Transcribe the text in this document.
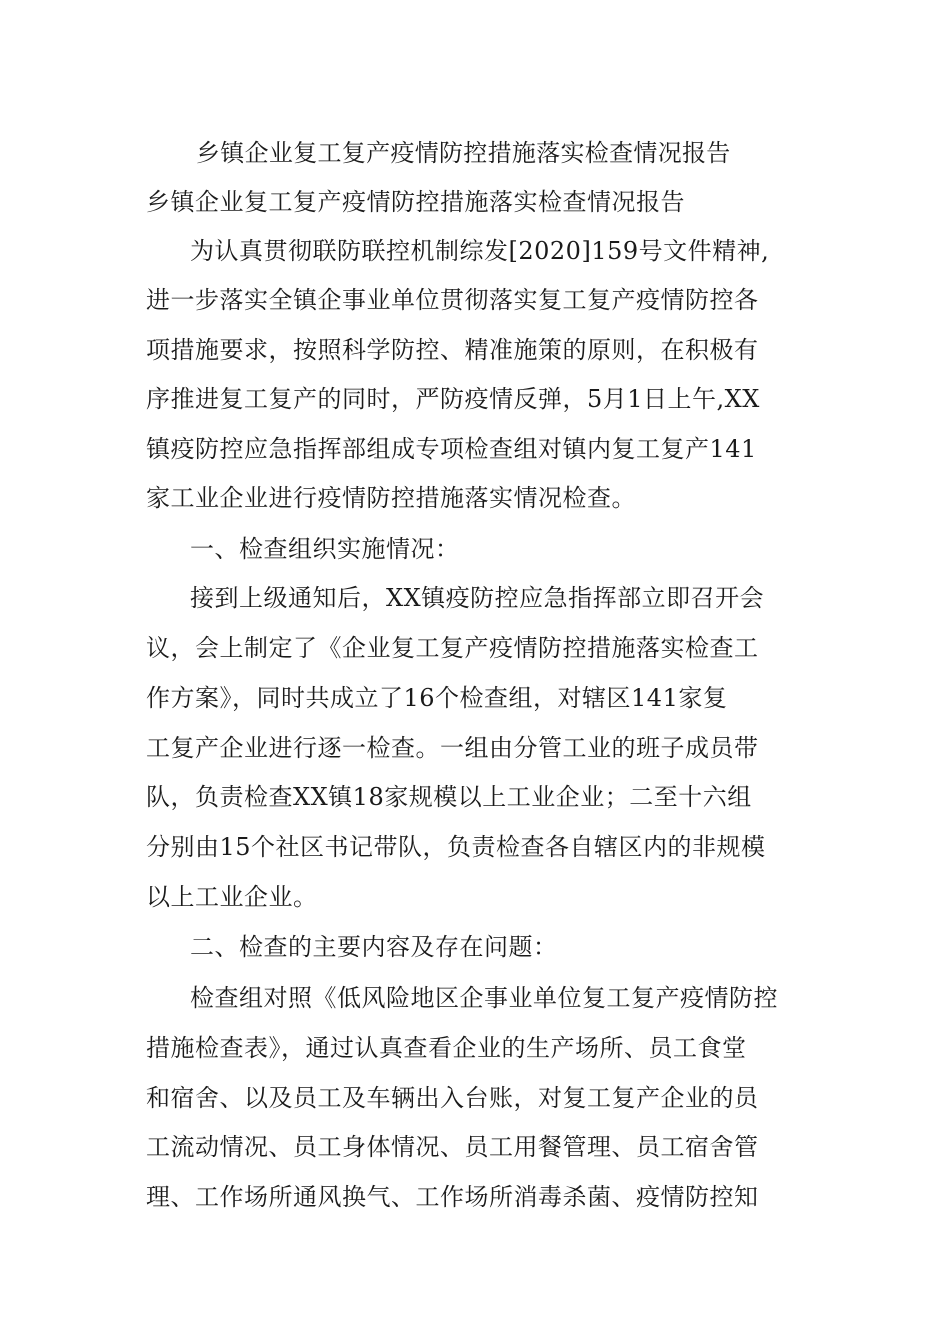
乡镇企业复工复产疫情防控措施落实检查情况报告
乡镇企业复工复产疫情防控措施落实检查情况报告
为认真贯彻联防联控机制综发[2020]159号文件精神,
进一步落实全镇企事业单位贯彻落实复工复产疫情防控各
项措施要求，按照科学防控、精准施策的原则，在积极有
序推进复工复产的同时，严防疫情反弹，5月1日上午,XX
镇疫防控应急指挥部组成专项检查组对镇内复工复产141
家工业企业进行疫情防控措施落实情况检查。
一、检查组织实施情况：
接到上级通知后，XX镇疫防控应急指挥部立即召开会
议，会上制定了《企业复工复产疫情防控措施落实检查工
作方案》，同时共成立了16个检查组，对辖区141家复
工复产企业进行逐一检查。一组由分管工业的班子成员带
队，负责检查XX镇18家规模以上工业企业；二至十六组
分别由15个社区书记带队，负责检查各自辖区内的非规模
以上工业企业。
二、检查的主要内容及存在问题：
检查组对照《低风险地区企事业单位复工复产疫情防控
措施检查表》，通过认真查看企业的生产场所、员工食堂
和宿舍、以及员工及车辆出入台账，对复工复产企业的员
工流动情况、员工身体情况、员工用餐管理、员工宿舍管
理、工作场所通风换气、工作场所消毒杀菌、疫情防控知
